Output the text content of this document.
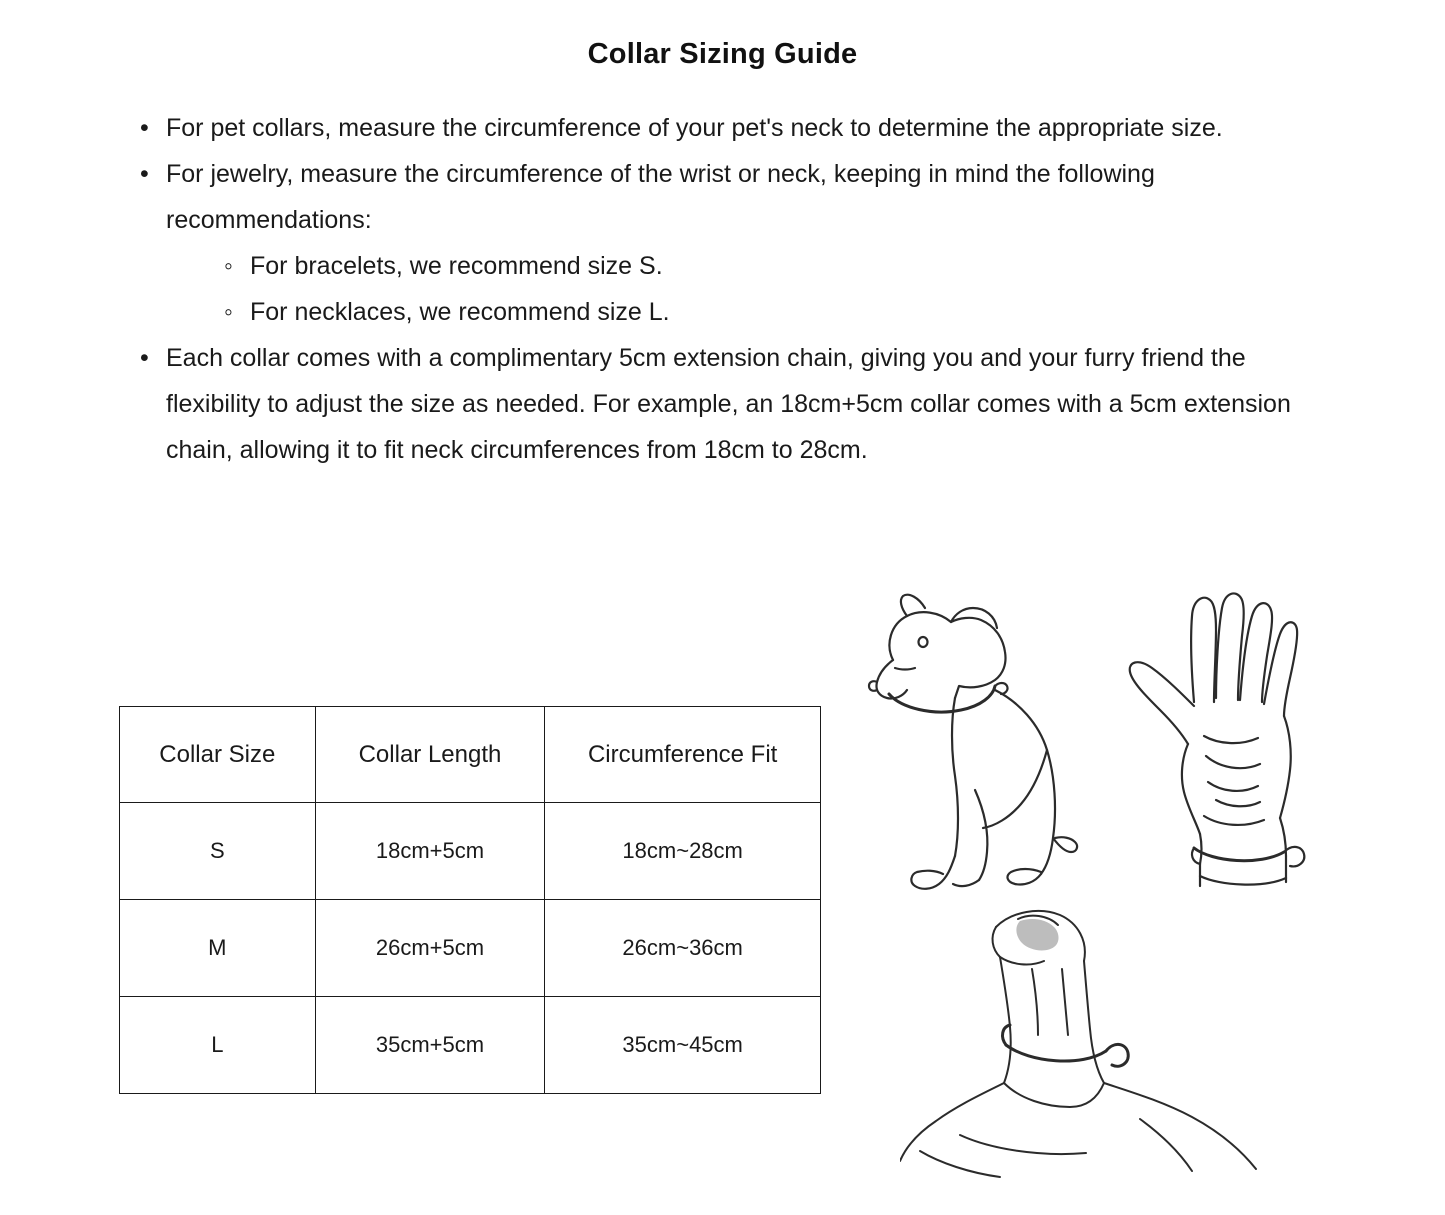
Collar Sizing Guide
• For pet collars, measure the circumference of your pet's neck to determine the appropriate size.
• For jewelry, measure the circumference of the wrist or neck, keeping in mind the following recommendations:
◦ For bracelets, we recommend size S.
◦ For necklaces, we recommend size L.
• Each collar comes with a complimentary 5cm extension chain, giving you and your furry friend the flexibility to adjust the size as needed. For example, an 18cm+5cm collar comes with a 5cm extension chain, allowing it to fit neck circumferences from 18cm to 28cm.
Collar Size	Collar Length	Circumference Fit
S	18cm+5cm	18cm~28cm
M	26cm+5cm	26cm~36cm
L	35cm+5cm	35cm~45cm
